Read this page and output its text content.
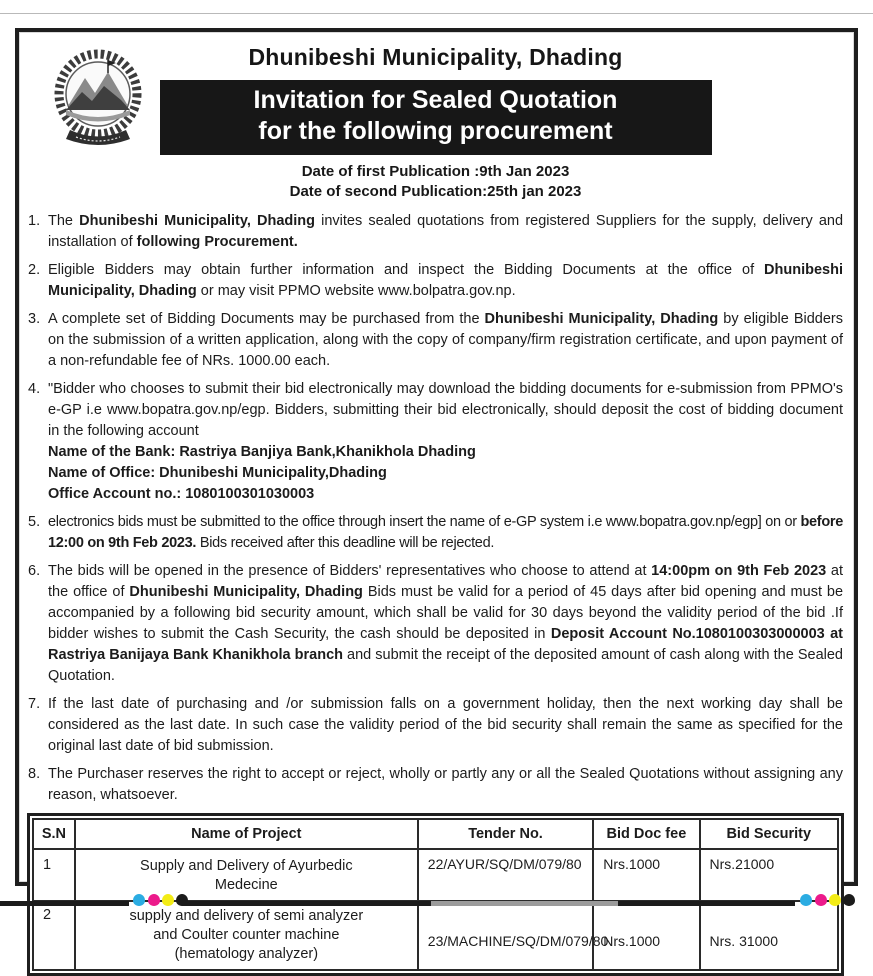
Dhunibeshi Municipality, Dhading
Invitation for Sealed Quotation
for the following procurement
Date of first Publication :9th Jan 2023
Date of second Publication:25th jan 2023
1. The Dhunibeshi Municipality, Dhading invites sealed quotations from registered Suppliers for the supply, delivery and installation of following Procurement.

2. Eligible Bidders may obtain further information and inspect the Bidding Documents at the office of Dhunibeshi Municipality, Dhading or may visit PPMO website www.bolpatra.gov.np.

3. A complete set of Bidding Documents may be purchased from the Dhunibeshi Municipality, Dhading by eligible Bidders on the submission of a written application, along with the copy of company/firm registration certificate, and upon payment of a non-refundable fee of NRs. 1000.00 each.

4. "Bidder who chooses to submit their bid electronically may download the bidding documents for e-submission from PPMO's e-GP i.e www.bopatra.gov.np/egp. Bidders, submitting their bid electronically, should deposit the cost of bidding document in the following account

Name of the Bank: Rastriya Banjiya Bank,Khanikhola Dhading

Name of Office: Dhunibeshi Municipality,Dhading

Office Account no.: 1080100301030003

5. electronics bids must be submitted to the office through insert the name of e-GP system i.e www.bopatra.gov.np/egp] on or before 12:00 on 9th Feb 2023. Bids received after this deadline will be rejected.

6. The bids will be opened in the presence of Bidders' representatives who choose to attend at 14:00pm on 9th Feb 2023 at the office of Dhunibeshi Municipality, Dhading Bids must be valid for a period of 45 days after bid opening and must be accompanied by a following bid security amount, which shall be valid for 30 days beyond the validity period of the bid .If bidder wishes to submit the Cash Security, the cash should be deposited in Deposit Account No.1080100303000003 at Rastriya Banijaya Bank Khanikhola branch and submit the receipt of the deposited amount of cash along with the Sealed Quotation.

7. If the last date of purchasing and /or submission falls on a government holiday, then the next working day shall be considered as the last date. In such case the validity period of the bid security shall remain the same as specified for the original last date of bid submission.

8. The Purchaser reserves the right to accept or reject, wholly or partly any or all the Sealed Quotations without assigning any reason, whatsoever.

S.N	Name of Project	Tender No.	Bid Doc fee	Bid Security
1	Supply and Delivery of Ayurbedic Medecine	22/AYUR/SQ/DM/079/80	Nrs.1000	Nrs.21000
2	supply and delivery of semi analyzer and Coulter counter machine (hematology analyzer)	23/MACHINE/SQ/DM/079/80	Nrs.1000	Nrs. 31000
